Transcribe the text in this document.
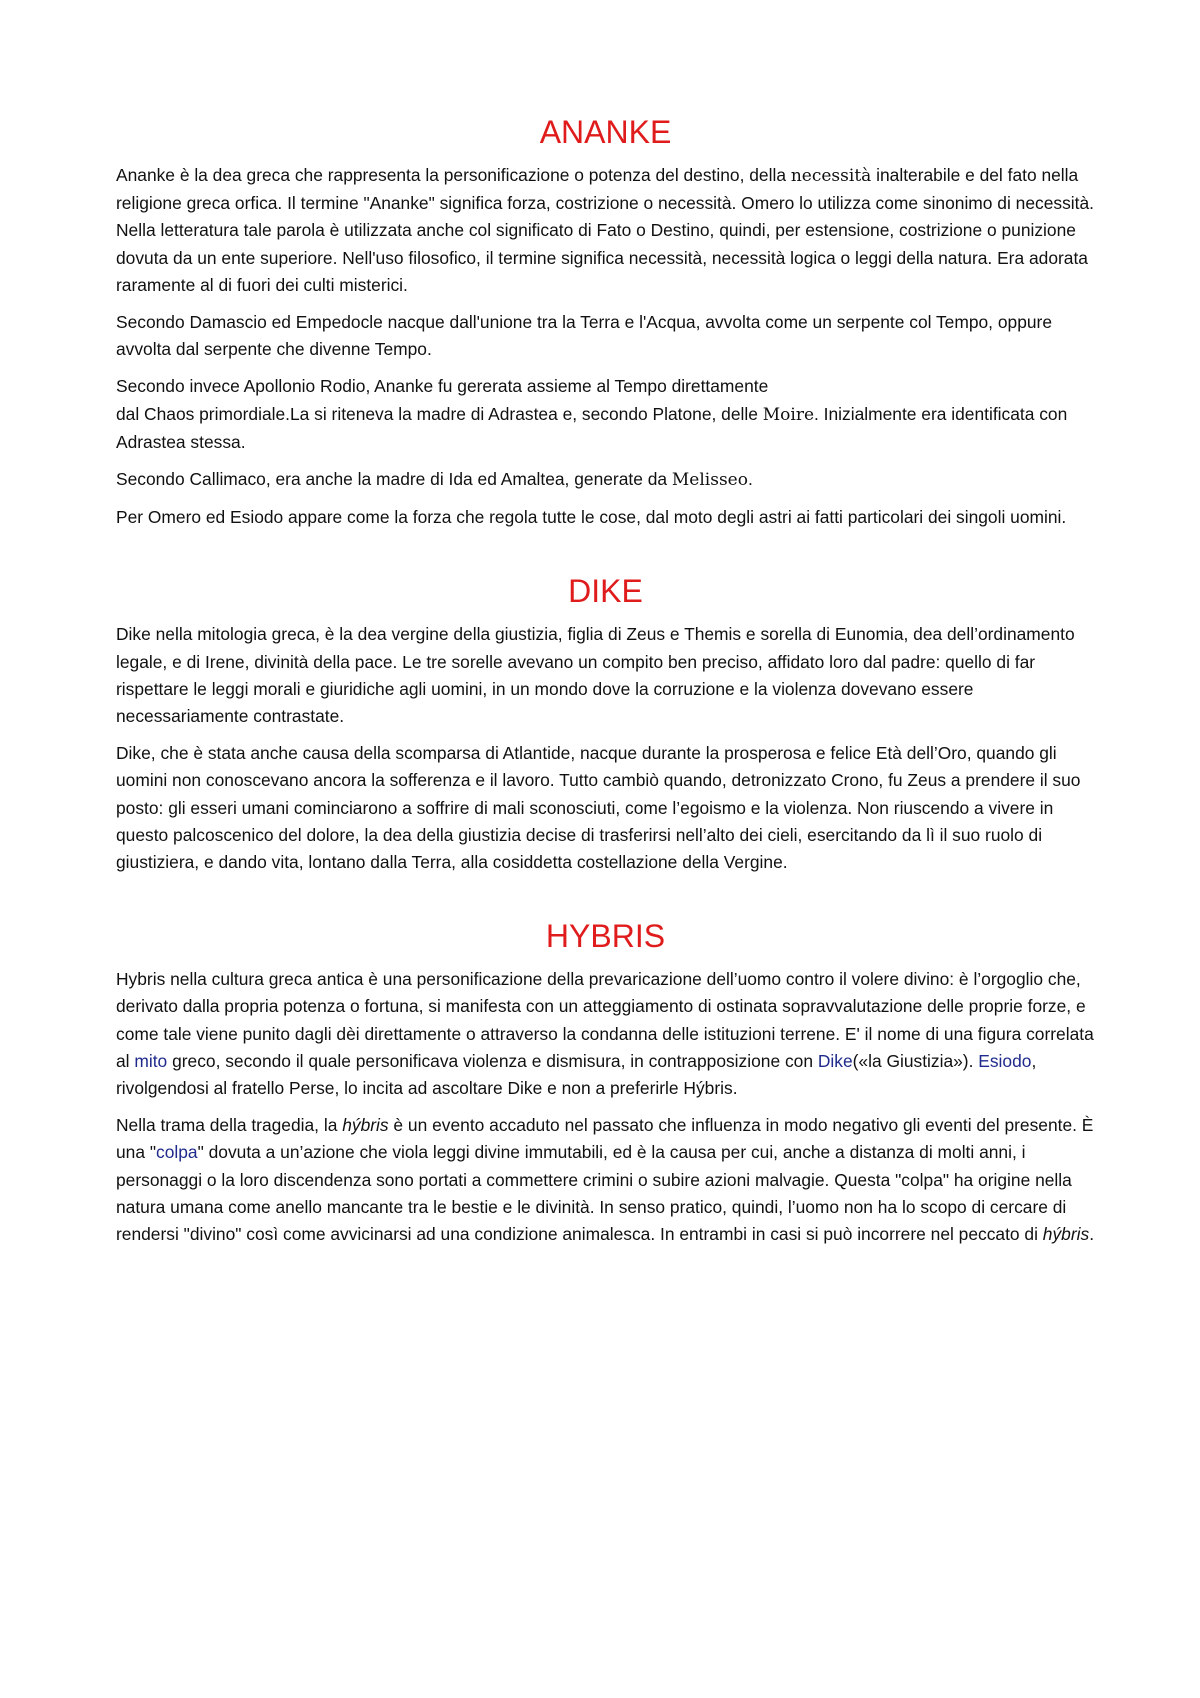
ANANKE

Ananke è la dea greca che rappresenta la personificazione o potenza del destino, della necessità inalterabile e del fato nella religione greca orfica. Il termine "Ananke" significa forza, costrizione o necessità. Omero lo utilizza come sinonimo di necessità. Nella letteratura tale parola è utilizzata anche col significato di Fato o Destino, quindi, per estensione, costrizione o punizione dovuta da un ente superiore. Nell'uso filosofico, il termine significa necessità, necessità logica o leggi della natura. Era adorata raramente al di fuori dei culti misterici.

Secondo Damascio ed Empedocle nacque dall'unione tra la Terra e l'Acqua, avvolta come un serpente col Tempo, oppure avvolta dal serpente che divenne Tempo.

Secondo invece Apollonio Rodio, Ananke fu gererata assieme al Tempo direttamente
dal Chaos primordiale.La si riteneva la madre di Adrastea e, secondo Platone, delle Moire. Inizialmente era identificata con Adrastea stessa.

Secondo Callimaco, era anche la madre di Ida ed Amaltea, generate da Melisseo.

Per Omero ed Esiodo appare come la forza che regola tutte le cose, dal moto degli astri ai fatti particolari dei singoli uomini.

DIKE

Dike nella mitologia greca, è la dea vergine della giustizia, figlia di Zeus e Themis e sorella di Eunomia, dea dell’ordinamento legale, e di Irene, divinità della pace. Le tre sorelle avevano un compito ben preciso, affidato loro dal padre: quello di far rispettare le leggi morali e giuridiche agli uomini, in un mondo dove la corruzione e la violenza dovevano essere necessariamente contrastate.

Dike, che è stata anche causa della scomparsa di Atlantide, nacque durante la prosperosa e felice Età dell’Oro, quando gli uomini non conoscevano ancora la sofferenza e il lavoro. Tutto cambiò quando, detronizzato Crono, fu Zeus a prendere il suo posto: gli esseri umani cominciarono a soffrire di mali sconosciuti, come l’egoismo e la violenza. Non riuscendo a vivere in questo palcoscenico del dolore, la dea della giustizia decise di trasferirsi nell’alto dei cieli, esercitando da lì il suo ruolo di giustiziera, e dando vita, lontano dalla Terra, alla cosiddetta costellazione della Vergine.

HYBRIS

Hybris nella cultura greca antica è una personificazione della prevaricazione dell’uomo contro il volere divino: è l’orgoglio che, derivato dalla propria potenza o fortuna, si manifesta con un atteggiamento di ostinata sopravvalutazione delle proprie forze, e come tale viene punito dagli dèi direttamente o attraverso la condanna delle istituzioni terrene. E' il nome di una figura correlata al mito greco, secondo il quale personificava violenza e dismisura, in contrapposizione con Dike(«la Giustizia»). Esiodo, rivolgendosi al fratello Perse, lo incita ad ascoltare Dike e non a preferirle Hýbris.

Nella trama della tragedia, la hýbris è un evento accaduto nel passato che influenza in modo negativo gli eventi del presente. È una "colpa" dovuta a un’azione che viola leggi divine immutabili, ed è la causa per cui, anche a distanza di molti anni, i personaggi o la loro discendenza sono portati a commettere crimini o subire azioni malvagie. Questa "colpa" ha origine nella natura umana come anello mancante tra le bestie e le divinità. In senso pratico, quindi, l’uomo non ha lo scopo di cercare di rendersi "divino" così come avvicinarsi ad una condizione animalesca. In entrambi in casi si può incorrere nel peccato di hýbris.
